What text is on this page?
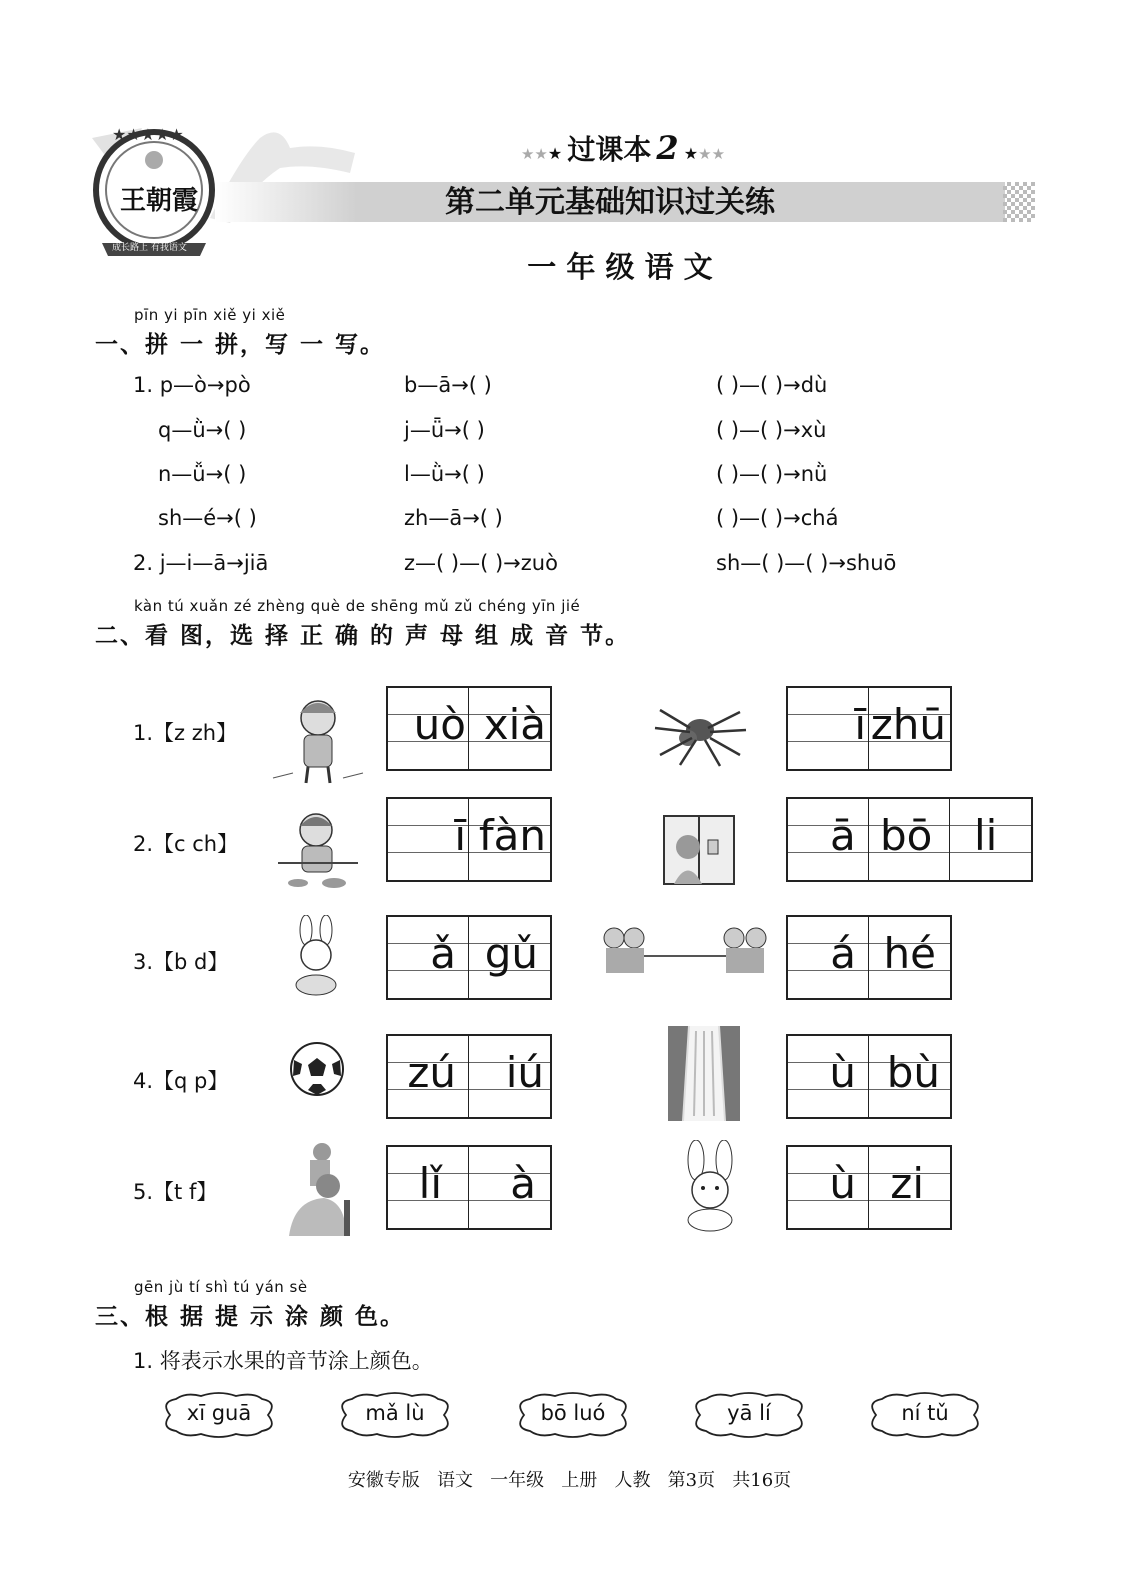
★★★★★
王朝霞
成长路上 有我语文
★★★ 过课本 2 ★★★
第二单元基础知识过关练
一 年 级 语 文
pīn yi pīn xiě yi xiě
一、拼 一 拼，写 一 写。
1. p—ò→pò	b—ā→( )	( )—( )→dù
q—ǜ→( )	j—ǖ→( )	( )—( )→xù
n—ǚ→( )	l—ǜ→( )	( )—( )→nǜ
sh—é→( )	zh—ā→( )	( )—( )→chá
2. j—i—ā→jiā	z—( )—( )→zuò	sh—( )—( )→shuō
kàn tú xuǎn zé zhèng què de shēng mǔ zǔ chéng yīn jié
二、看 图，选 择 正 确 的 声 母 组 成 音 节。
1.【z zh】	uò xià	ī zhū
2.【c ch】	ī fàn	ā bō li
3.【b d】	ǎ gǔ	á hé
4.【q p】	zú iú	ù bù
5.【t f】	lǐ à	ù zi
gēn jù tí shì tú yán sè
三、根 据 提 示 涂 颜 色。
1. 将表示水果的音节涂上颜色。
xī guā	mǎ lù	bō luó	yā lí	ní tǔ
安徽专版   语文   一年级   上册   人教   第3页   共16页
